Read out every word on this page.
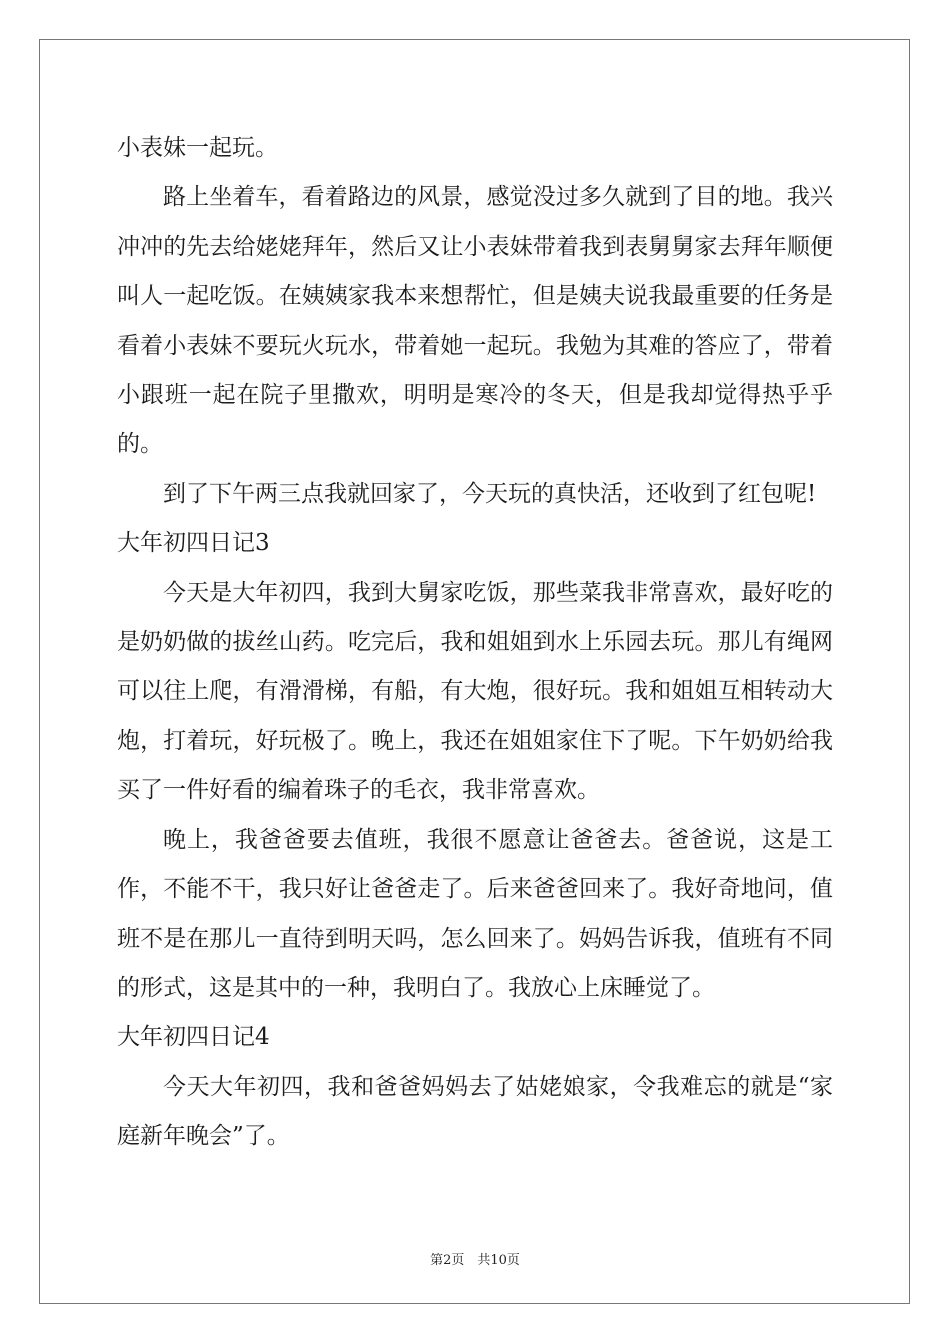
小表妹一起玩。

路上坐着车，看着路边的风景，感觉没过多久就到了目的地。我兴冲冲的先去给姥姥拜年，然后又让小表妹带着我到表舅舅家去拜年顺便叫人一起吃饭。在姨姨家我本来想帮忙，但是姨夫说我最重要的任务是看着小表妹不要玩火玩水，带着她一起玩。我勉为其难的答应了，带着小跟班一起在院子里撒欢，明明是寒冷的冬天，但是我却觉得热乎乎的。

到了下午两三点我就回家了，今天玩的真快活，还收到了红包呢!

大年初四日记3

今天是大年初四，我到大舅家吃饭，那些菜我非常喜欢，最好吃的是奶奶做的拔丝山药。吃完后，我和姐姐到水上乐园去玩。那儿有绳网可以往上爬，有滑滑梯，有船，有大炮，很好玩。我和姐姐互相转动大炮，打着玩，好玩极了。晚上，我还在姐姐家住下了呢。下午奶奶给我买了一件好看的编着珠子的毛衣，我非常喜欢。

晚上，我爸爸要去值班，我很不愿意让爸爸去。爸爸说，这是工作，不能不干，我只好让爸爸走了。后来爸爸回来了。我好奇地问，值班不是在那儿一直待到明天吗，怎么回来了。妈妈告诉我，值班有不同的形式，这是其中的一种，我明白了。我放心上床睡觉了。

大年初四日记4

今天大年初四，我和爸爸妈妈去了姑姥娘家，令我难忘的就是“家庭新年晚会”了。

第2页　共10页
